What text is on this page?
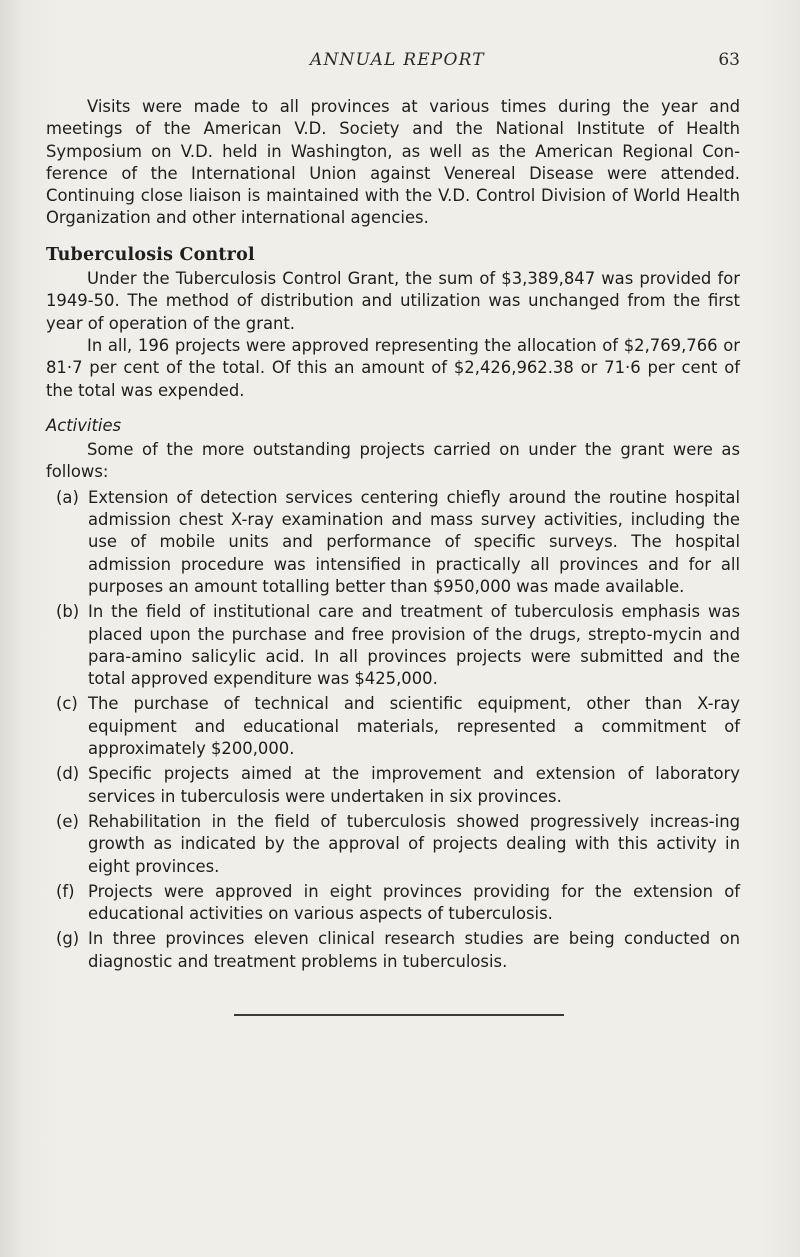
ANNUAL REPORT	63

Visits were made to all provinces at various times during the year and meetings of the American V.D. Society and the National Institute of Health Symposium on V.D. held in Washington, as well as the American Regional Con-ference of the International Union against Venereal Disease were attended. Continuing close liaison is maintained with the V.D. Control Division of World Health Organization and other international agencies.

Tuberculosis Control

Under the Tuberculosis Control Grant, the sum of $3,389,847 was provided for 1949-50. The method of distribution and utilization was unchanged from the first year of operation of the grant.

In all, 196 projects were approved representing the allocation of $2,769,766 or 81·7 per cent of the total. Of this an amount of $2,426,962.38 or 71·6 per cent of the total was expended.

Activities

Some of the more outstanding projects carried on under the grant were as follows:

(a) Extension of detection services centering chiefly around the routine hospital admission chest X-ray examination and mass survey activities, including the use of mobile units and performance of specific surveys. The hospital admission procedure was intensified in practically all provinces and for all purposes an amount totalling better than $950,000 was made available.
(b) In the field of institutional care and treatment of tuberculosis emphasis was placed upon the purchase and free provision of the drugs, strepto-mycin and para-amino salicylic acid. In all provinces projects were submitted and the total approved expenditure was $425,000.
(c) The purchase of technical and scientific equipment, other than X-ray equipment and educational materials, represented a commitment of approximately $200,000.
(d) Specific projects aimed at the improvement and extension of laboratory services in tuberculosis were undertaken in six provinces.
(e) Rehabilitation in the field of tuberculosis showed progressively increas-ing growth as indicated by the approval of projects dealing with this activity in eight provinces.
(f) Projects were approved in eight provinces providing for the extension of educational activities on various aspects of tuberculosis.
(g) In three provinces eleven clinical research studies are being conducted on diagnostic and treatment problems in tuberculosis.
